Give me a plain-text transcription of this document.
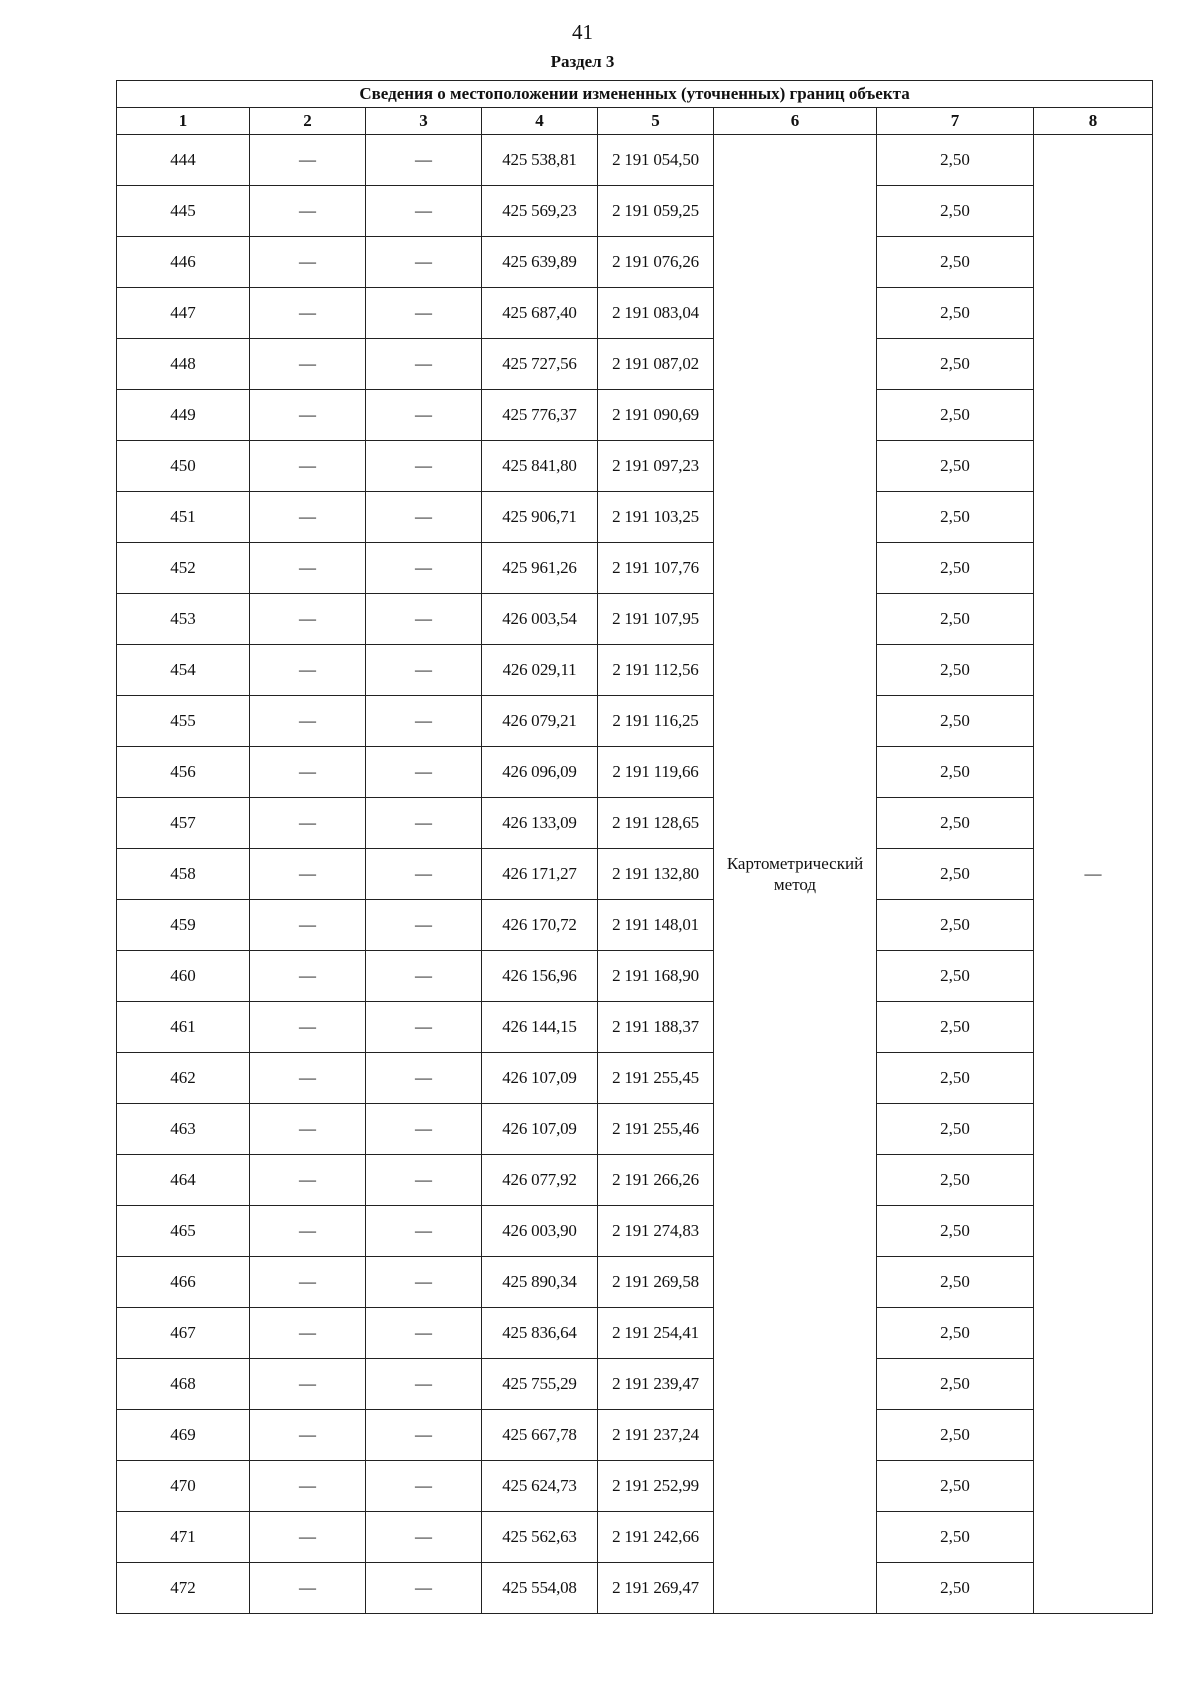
41
Раздел 3
Сведения о местоположении измененных (уточненных) границ объекта							
1	2	3	4	5	6	7	8
444	—	—	425 538,81	2 191 054,50	Картометрический метод	2,50	—
445	—	—	425 569,23	2 191 059,25		2,50	
446	—	—	425 639,89	2 191 076,26		2,50	
447	—	—	425 687,40	2 191 083,04		2,50	
448	—	—	425 727,56	2 191 087,02		2,50	
449	—	—	425 776,37	2 191 090,69		2,50	
450	—	—	425 841,80	2 191 097,23		2,50	
451	—	—	425 906,71	2 191 103,25		2,50	
452	—	—	425 961,26	2 191 107,76		2,50	
453	—	—	426 003,54	2 191 107,95		2,50	
454	—	—	426 029,11	2 191 112,56		2,50	
455	—	—	426 079,21	2 191 116,25		2,50	
456	—	—	426 096,09	2 191 119,66		2,50	
457	—	—	426 133,09	2 191 128,65		2,50	
458	—	—	426 171,27	2 191 132,80		2,50	
459	—	—	426 170,72	2 191 148,01		2,50	
460	—	—	426 156,96	2 191 168,90		2,50	
461	—	—	426 144,15	2 191 188,37		2,50	
462	—	—	426 107,09	2 191 255,45		2,50	
463	—	—	426 107,09	2 191 255,46		2,50	
464	—	—	426 077,92	2 191 266,26		2,50	
465	—	—	426 003,90	2 191 274,83		2,50	
466	—	—	425 890,34	2 191 269,58		2,50	
467	—	—	425 836,64	2 191 254,41		2,50	
468	—	—	425 755,29	2 191 239,47		2,50	
469	—	—	425 667,78	2 191 237,24		2,50	
470	—	—	425 624,73	2 191 252,99		2,50	
471	—	—	425 562,63	2 191 242,66		2,50	
472	—	—	425 554,08	2 191 269,47		2,50	
